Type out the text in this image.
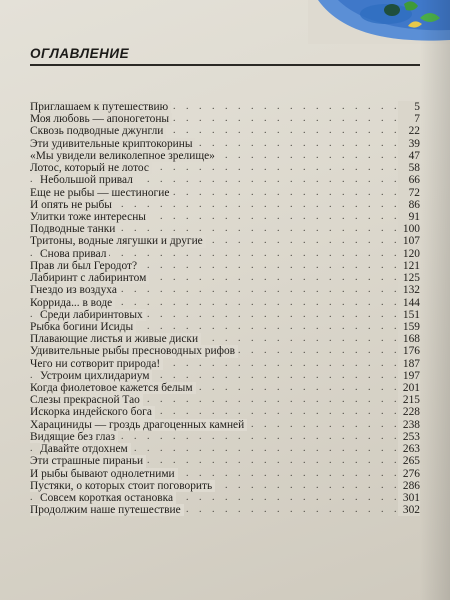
ОГЛАВЛЕНИЕ
. . .
Приглашаем к путешествию	5
. . .
Моя любовь — апоногетоны	7
. . .
Сквозь подводные джунгли	22
. . .
Эти удивительные криптокорины	39
. . .
«Мы увидели великолепное зрелище»	47
. . .
Лотос, который не лотос	58
. . .
Небольшой привал	66
. . .
Еще не рыбы — шестиногие	72
. . .
И опять не рыбы	86
. . .
Улитки тоже интересны	91
. . .
Подводные танки	100
. . .
Тритоны, водные лягушки и другие	107
. . .
Снова привал	120
. . .
Прав ли был Геродот?	121
. . .
Лабиринт с лабиринтом	125
. . .
Гнездо из воздуха	132
. . .
Коррида... в воде	144
. . .
Среди лабиринтовых	151
. . .
Рыбка богини Исиды	159
. . .
Плавающие листья и живые диски	168
. . .
Удивительные рыбы пресноводных рифов	176
. . .
Чего ни сотворит природа!	187
. . .
Устроим цихлидариум	197
. . .
Когда фиолетовое кажется белым	201
. . .
Слезы прекрасной Тао	215
. . .
Искорка индейского бога	228
. . .
Харациниды — гроздь драгоценных камней	238
. . .
Видящие без глаз	253
. . .
Давайте отдохнем	263
. . .
Эти страшные пираньи	265
. . .
И рыбы бывают однолетними	276
. . .
Пустяки, о которых стоит поговорить	286
. . .
Совсем короткая остановка	301
. . .
Продолжим наше путешествие	302
